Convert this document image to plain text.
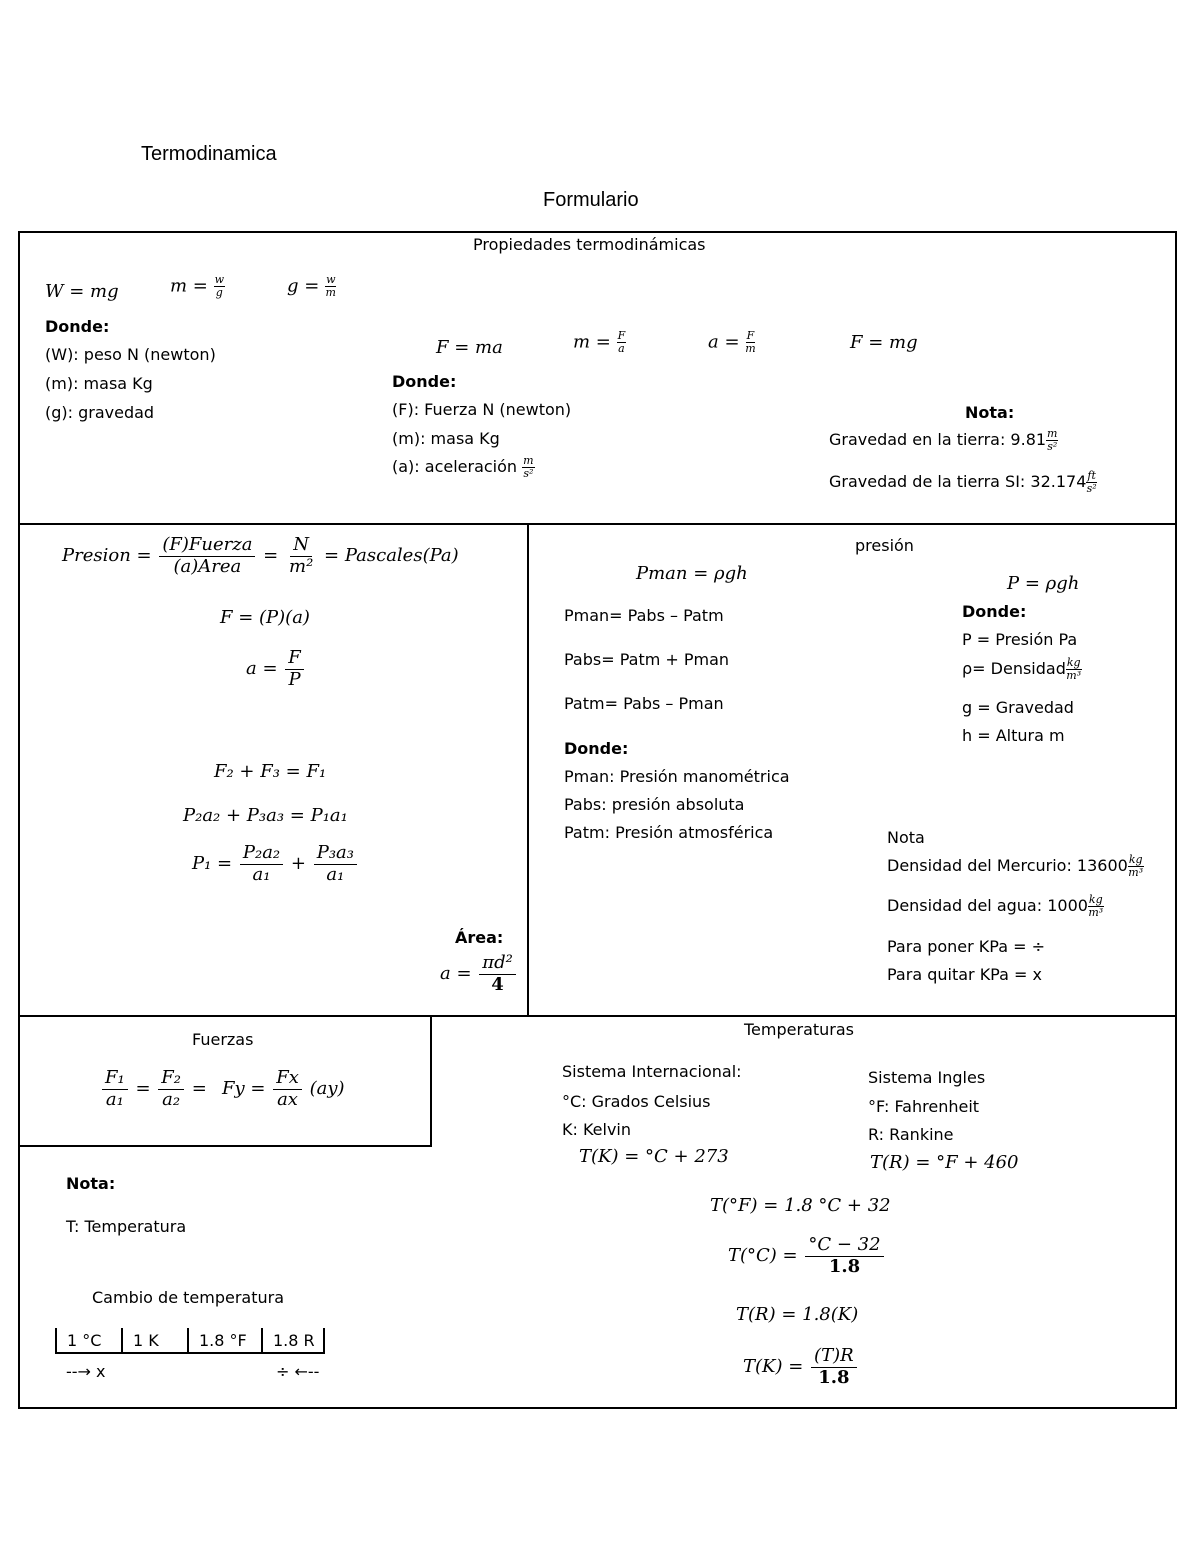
Termodinamica
Formulario
Propiedades termodinámicas
W = mg	$m = \frac{w}{g}$	$g = \frac{w}{m}$
Donde:
(W): peso N (newton)
(m): masa Kg
(g): gravedad
F = ma	$m = \frac{F}{a}$	$a = \frac{F}{m}$	F = mg
Donde:
(F): Fuerza N (newton)
(m): masa Kg
(a): aceleración $\frac{m}{\text{s²}}$
Nota:
Gravedad en la tierra: $9.81 \frac{m}{\text{s²}}$
Gravedad de la tierra SI: $32.174 \frac{ft}{\text{s²}}$
Presion = $\frac{\text{(F)Fuerza}}{\text{(a)Area}} = \frac{N}{\text{m²}}$ = Pascales(Pa)
F = (P)(a)
$a = \frac{F}{P}$
F₂ + F₃ = F₁
P₂a₂ + P₃a₃ = P₁a₁
$P_1 = \frac{\text{P₂a₂}}{\text{a₁}} + \frac{\text{P₃a₃}}{\text{a₁}}$
Área:
$a = \frac{\text{πd²}}{4}$
presión
Pman = ρgh
Pman= Pabs – Patm
Pabs= Patm + Pman
Patm= Pabs – Pman
Donde:
Pman: Presión manométrica
Pabs: presión absoluta
Patm: Presión atmosférica
P = ρgh
Donde:
P = Presión Pa
ρ= Densidad $\frac{kg}{\text{m³}}$
g = Gravedad
h = Altura m
Nota
Densidad del Mercurio: $13600 \frac{kg}{\text{m³}}$
Densidad del agua: $1000 \frac{kg}{\text{m³}}$
Para poner KPa = ÷
Para quitar KPa = x
Fuerzas
$\frac{\text{F₁}}{\text{a₁}} = \frac{\text{F₂}}{\text{a₂}} = Fy = \frac{Fx}{ax} (ay)$
Nota:
T: Temperatura
Cambio de temperatura
1 °C	1 K	1.8 °F	1.8 R
--→ x	÷ ←--
Temperaturas
Sistema Internacional:
°C: Grados Celsius
K: Kelvin
T(K) = °C + 273
Sistema Ingles
°F: Fahrenheit
R: Rankine
T(R) = °F + 460
T(°F) = 1.8 °C + 32
$T(^\circ C) = \frac{^\circ C - 32}{1.8}$
T(R) = 1.8(K)
$T(K) = \frac{(T)R}{1.8}$
